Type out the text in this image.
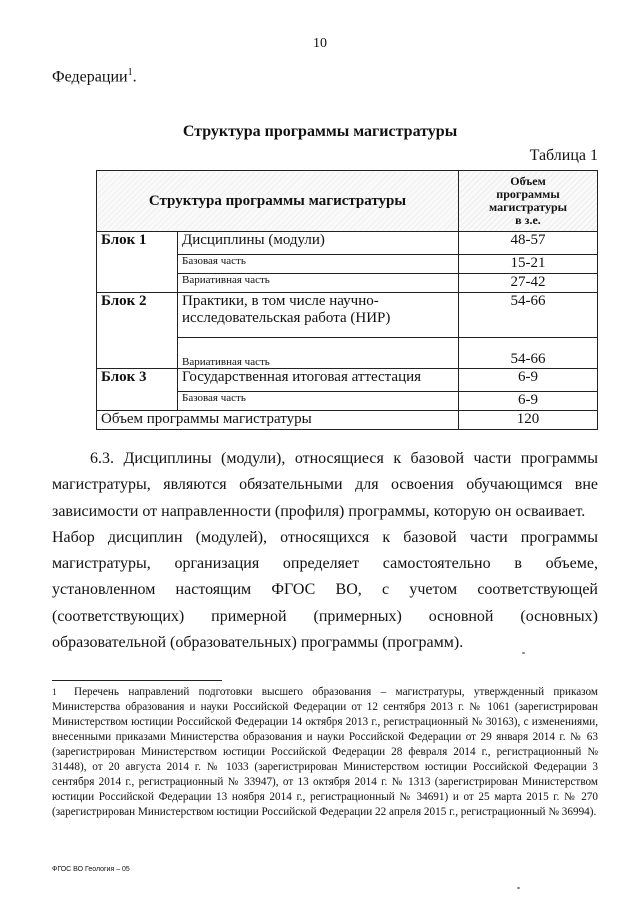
10
Федерации$^1$.
Структура программы магистратуры
Таблица 1
Структура программы магистратуры		Объем
программы
магистратуры
в з.е.

Блок 1	Дисциплины (модули)	48-57
	Базовая часть	15-21
	Вариативная часть	27-42
Блок 2	Практики, в том числе научно-исследовательская работа (НИР)	54-66
	Вариативная часть	54-66
Блок 3	Государственная итоговая аттестация	6-9
	Базовая часть	6-9
Объем программы магистратуры		120

6.3. Дисциплины (модули), относящиеся к базовой части программы магистратуры, являются обязательными для освоения обучающимся вне зависимости от направленности (профиля) программы, которую он осваивает.

Набор дисциплин (модулей), относящихся к базовой части программы магистратуры, организация определяет самостоятельно в объеме, установленном настоящим ФГОС ВО, с учетом соответствующей (соответствующих) примерной (примерных) основной (основных) образовательной (образовательных) программы (программ).

1 Перечень направлений подготовки высшего образования – магистратуры, утвержденный приказом Министерства образования и науки Российской Федерации от 12 сентября 2013 г. № 1061 (зарегистрирован Министерством юстиции Российской Федерации 14 октября 2013 г., регистрационный № 30163), с изменениями, внесенными приказами Министерства образования и науки Российской Федерации от 29 января 2014 г. № 63 (зарегистрирован Министерством юстиции Российской Федерации 28 февраля 2014 г., регистрационный № 31448), от 20 августа 2014 г. № 1033 (зарегистрирован Министерством юстиции Российской Федерации 3 сентября 2014 г., регистрационный № 33947), от 13 октября 2014 г. № 1313 (зарегистрирован Министерством юстиции Российской Федерации 13 ноября 2014 г., регистрационный № 34691) и от 25 марта 2015 г. № 270 (зарегистрирован Министерством юстиции Российской Федерации 22 апреля 2015 г., регистрационный № 36994).
ФГОС ВО Геология – 05
